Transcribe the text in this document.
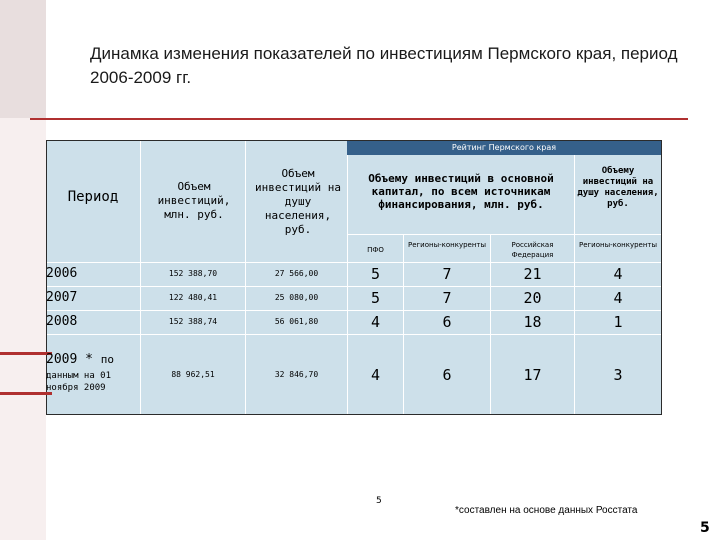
Динамка изменения показателей по инвестициям Пермского края, период 2006-2009 гг.
Рейтинг Пермского края
Период
Объем инвестиций, млн. руб.
Объем инвестиций на душу населения, руб.
Объему инвестиций в основной капитал, по всем источникам финансирования, млн. руб.
Объему инвестиций на душу населения, руб.
ПФО
Регионы-конкуренты	Российская Федерация
Регионы-конкуренты
2006
2007
2008
2009 * по
данным на 01 ноября 2009
152 388,70
122 480,41
152 388,74
88 962,51
27 566,00
25 080,00
56 061,80
32 846,70
5
5
4
4
7
7
6
6
21
20
18
17
4
4
1
3
5
*составлен на основе данных Росстата
5
